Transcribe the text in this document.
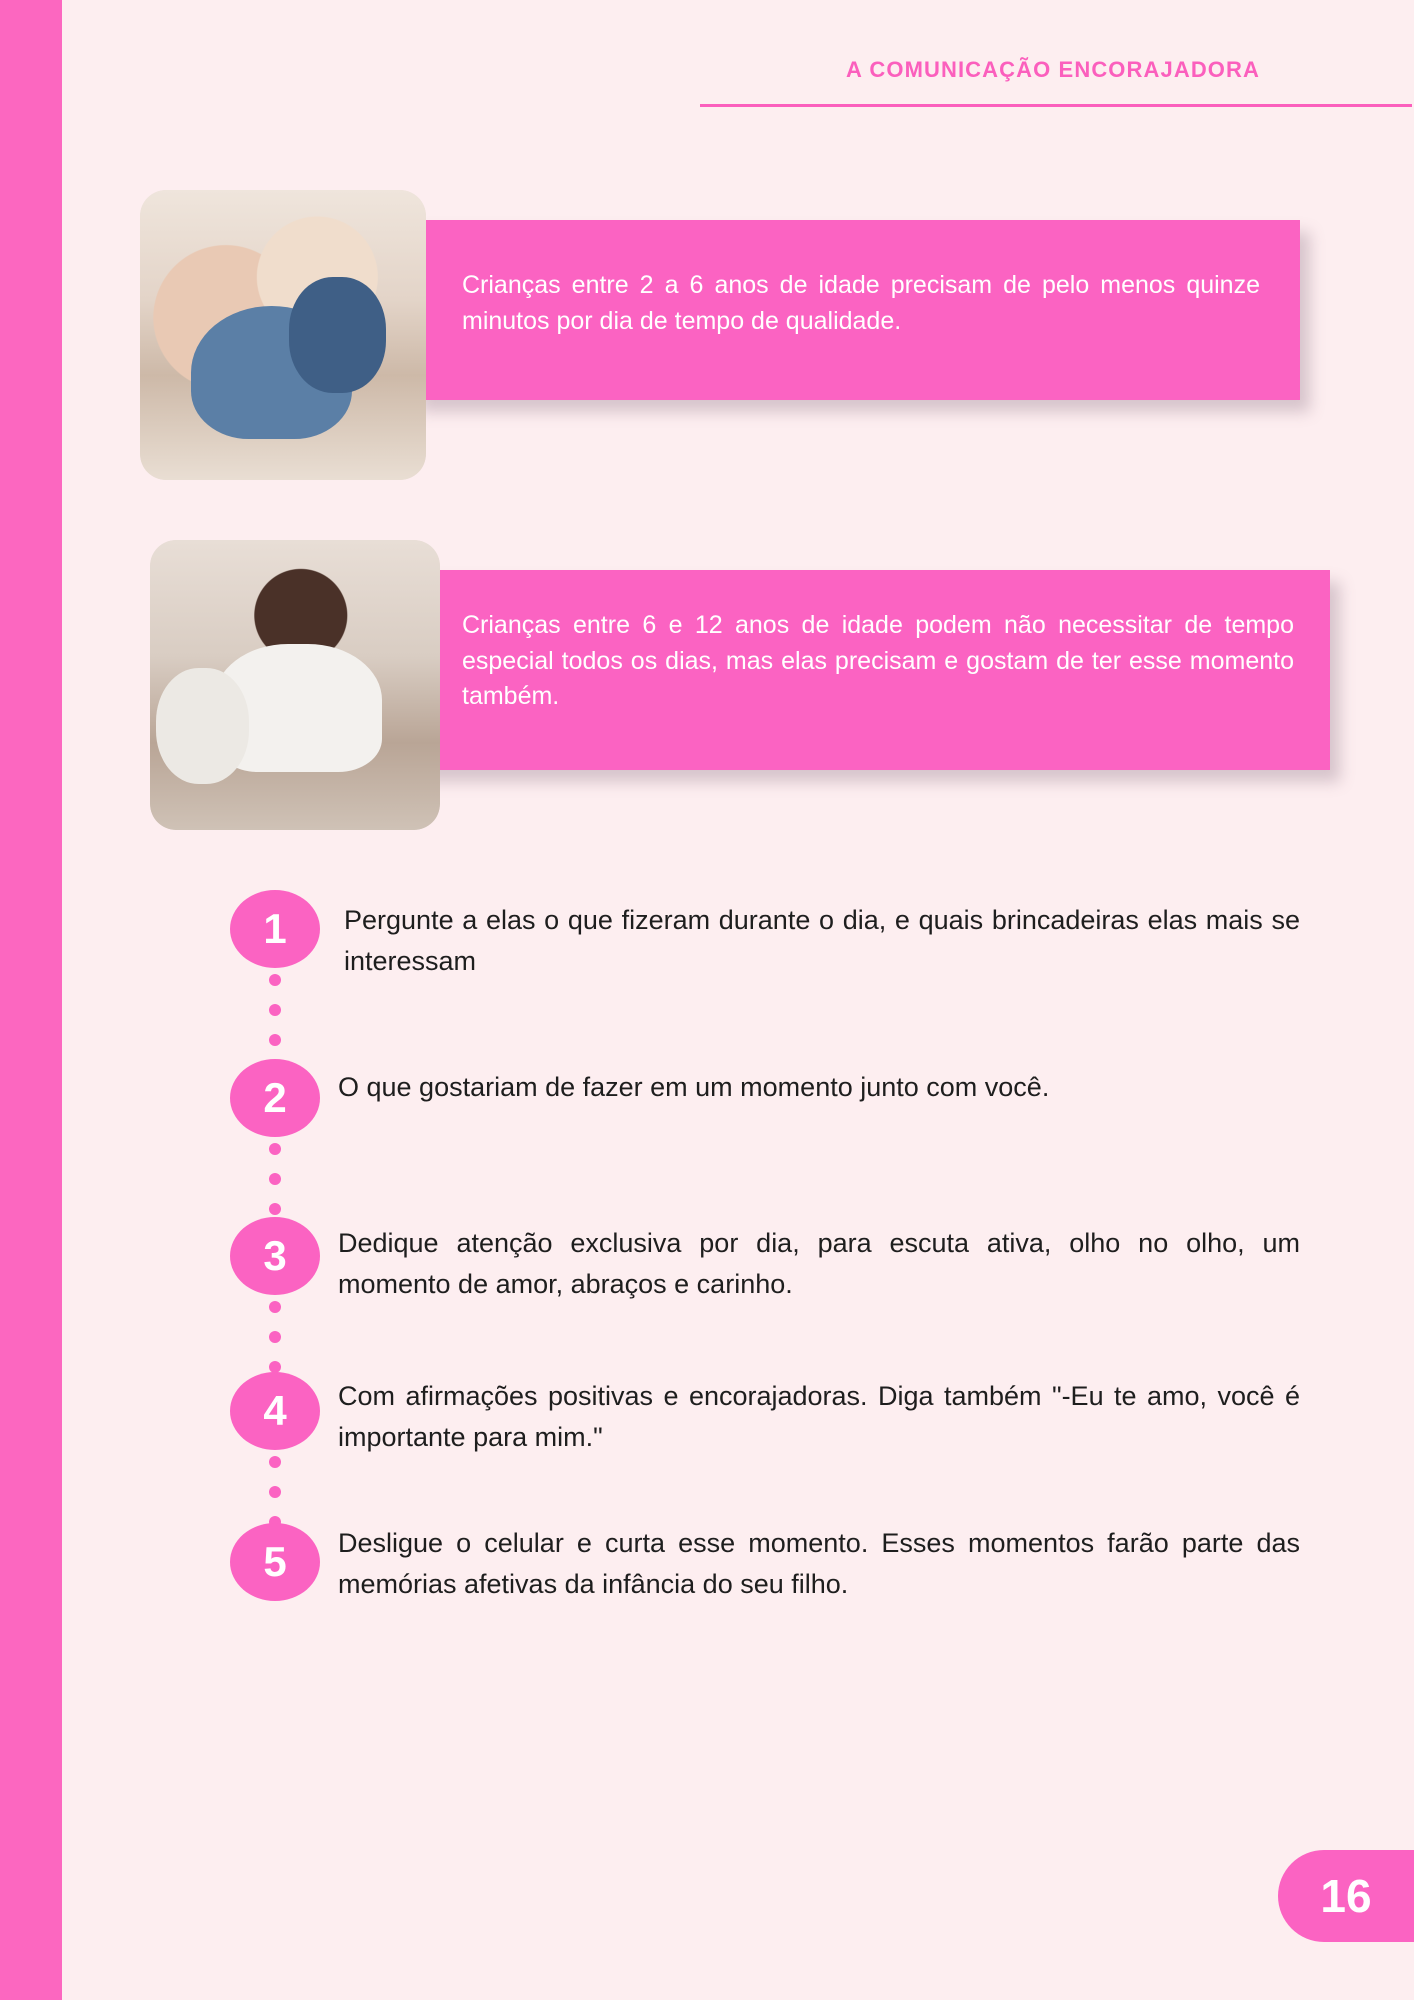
A COMUNICAÇÃO ENCORAJADORA

Crianças entre 2 a 6 anos de idade precisam de pelo menos quinze minutos por dia de tempo de qualidade.

Crianças entre 6 e 12 anos de idade podem não necessitar de tempo especial todos os dias, mas elas precisam e gostam de ter esse momento também.

1	Pergunte a elas o que fizeram durante o dia, e quais brincadeiras elas mais se interessam
2	O que gostariam de fazer em um momento junto com você.
3	Dedique atenção exclusiva por dia, para escuta ativa, olho no olho, um momento de amor, abraços e carinho.
4	Com afirmações positivas e encorajadoras. Diga também "-Eu te amo, você é importante para mim."
5	Desligue o celular e curta esse momento. Esses momentos farão parte das memórias afetivas da infância do seu filho.
16
